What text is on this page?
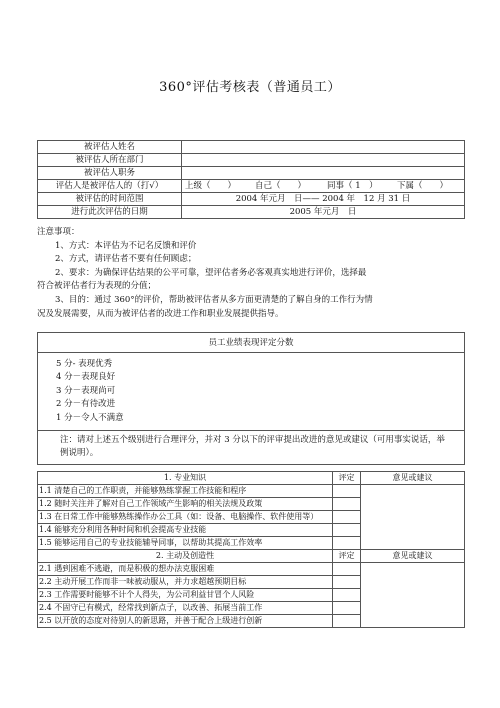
360°评估考核表（普通员工）
被评估人姓名	
被评估人所在部门	
被评估人职务	
评估人是被评估人的（打√）	上级（　　） 自己（　　） 同事（ 1　） 下属（　　）
被评估的时间范围	2004 年元月　日—— 2004 年　12 月 31 日
进行此次评估的日期	2005 年元月　日

注意事项：

1、方式：本评估为不记名反馈和评价

2、方式，请评估者不要有任何顾虑；

2、要求：为确保评估结果的公平可靠，望评估者务必客观真实地进行评价，选择最

符合被评估者行为表现的分值；

3、目的：通过 360°的评价，帮助被评估者从多方面更清楚的了解自身的工作行为情

况及发展需要，从而为被评估者的改进工作和职业发展提供指导。

员工业绩表现评定分数

5 分- 表现优秀
4 分－表现良好
3 分－表现尚可
2 分－有待改进
1 分－令人不满意

注：请对上述五个级别进行合理评分，并对 3 分以下的评审提出改进的意见或建议（可用事实说话，举例说明）。
1. 专业知识	评定	意见或建议
1.1 清楚自己的工作职责，并能够熟练掌握工作技能和程序		
1.2 随时关注并了解对自己工作领域产生影响的相关法规及政策		
1.3 在日常工作中能够熟练操作办公工具（如：设备、电脑操作、软件使用等）		
1.4 能够充分利用各种时间和机会提高专业技能		
1.5 能够运用自己的专业技能辅导同事，以帮助其提高工作效率		
2. 主动及创造性	评定	意见或建议
2.1 遇到困难不逃避，而是积极的想办法克服困难		
2.2 主动开展工作而非一味被动服从，并力求超越预期目标		
2.3 工作需要时能够不计个人得失，为公司利益甘冒个人风险		
2.4 不固守已有模式，经常找到新点子，以改善、拓展当前工作		
2.5 以开放的态度对待别人的新思路，并善于配合上级进行创新		
